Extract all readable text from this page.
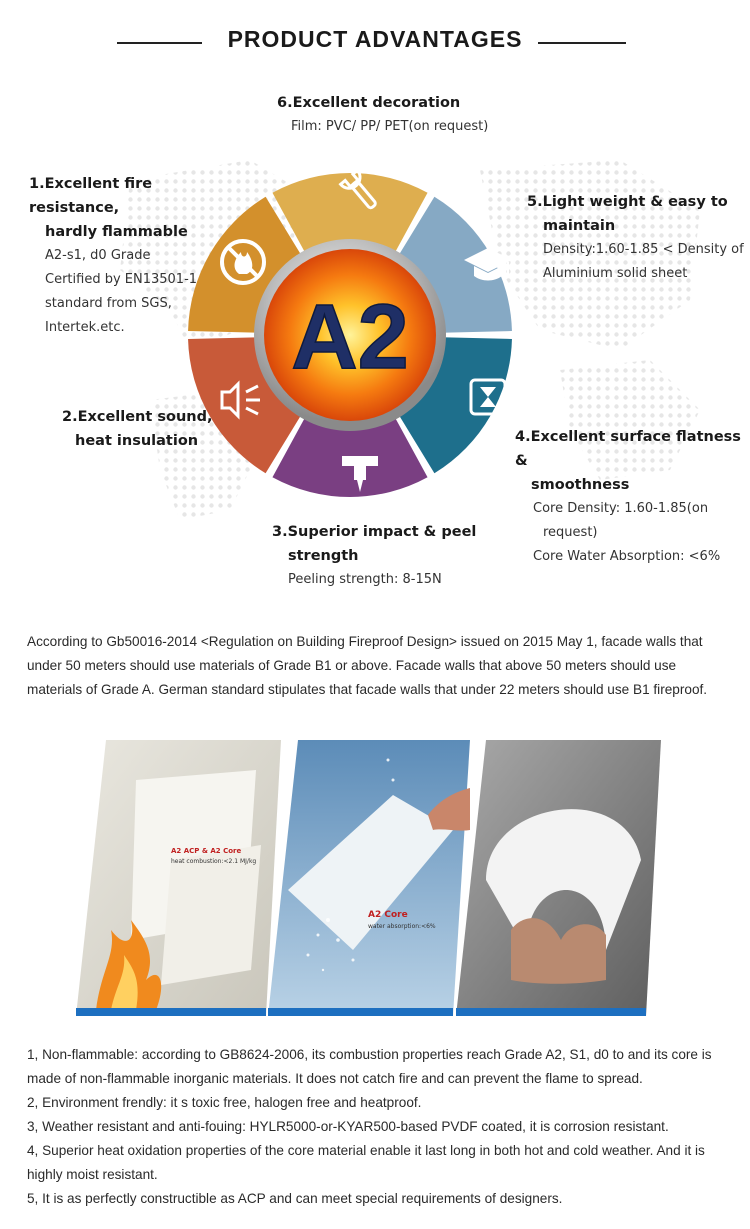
PRODUCT ADVANTAGES
A2
1.Excellent fire resistance,
hardly flammable
A2-s1, d0 Grade
Certified by EN13501-1
standard from SGS,
Intertek.etc.
2.Excellent sound,
heat insulation
3.Superior impact & peel
strength
Peeling strength: 8-15N
4.Excellent surface flatness &
smoothness
Core Density: 1.60-1.85(on
request)
Core Water Absorption: <6%
5.Light weight & easy to
maintain
Density:1.60-1.85 < Density of
Aluminium solid sheet
6.Excellent decoration
Film: PVC/ PP/ PET(on request)
According to Gb50016-2014 <Regulation on Building Fireproof Design> issued on 2015 May 1, facade walls that under 50 meters should use materials of Grade B1 or above. Facade walls that above 50 meters should use materials of Grade A. German standard stipulates that facade walls that under 22 meters should use B1 fireproof.
A2 ACP & A2 Core
heat combustion:<2.1 MJ/kg
A2 Core
water absorption:<6%
1, Non-flammable: according to GB8624-2006, its combustion properties reach Grade A2, S1, d0 to and its core is made of non-flammable inorganic materials. It does not catch fire and can prevent the flame to spread.
2, Environment frendly: it s toxic free, halogen free and heatproof.
3, Weather resistant and anti-fouing: HYLR5000-or-KYAR500-based PVDF coated, it is corrosion resistant.
4, Superior heat oxidation properties of the core material enable it last long in both hot and cold weather. And it is highly moist resistant.
5, It is as perfectly constructible as ACP and can meet special requirements of designers.
